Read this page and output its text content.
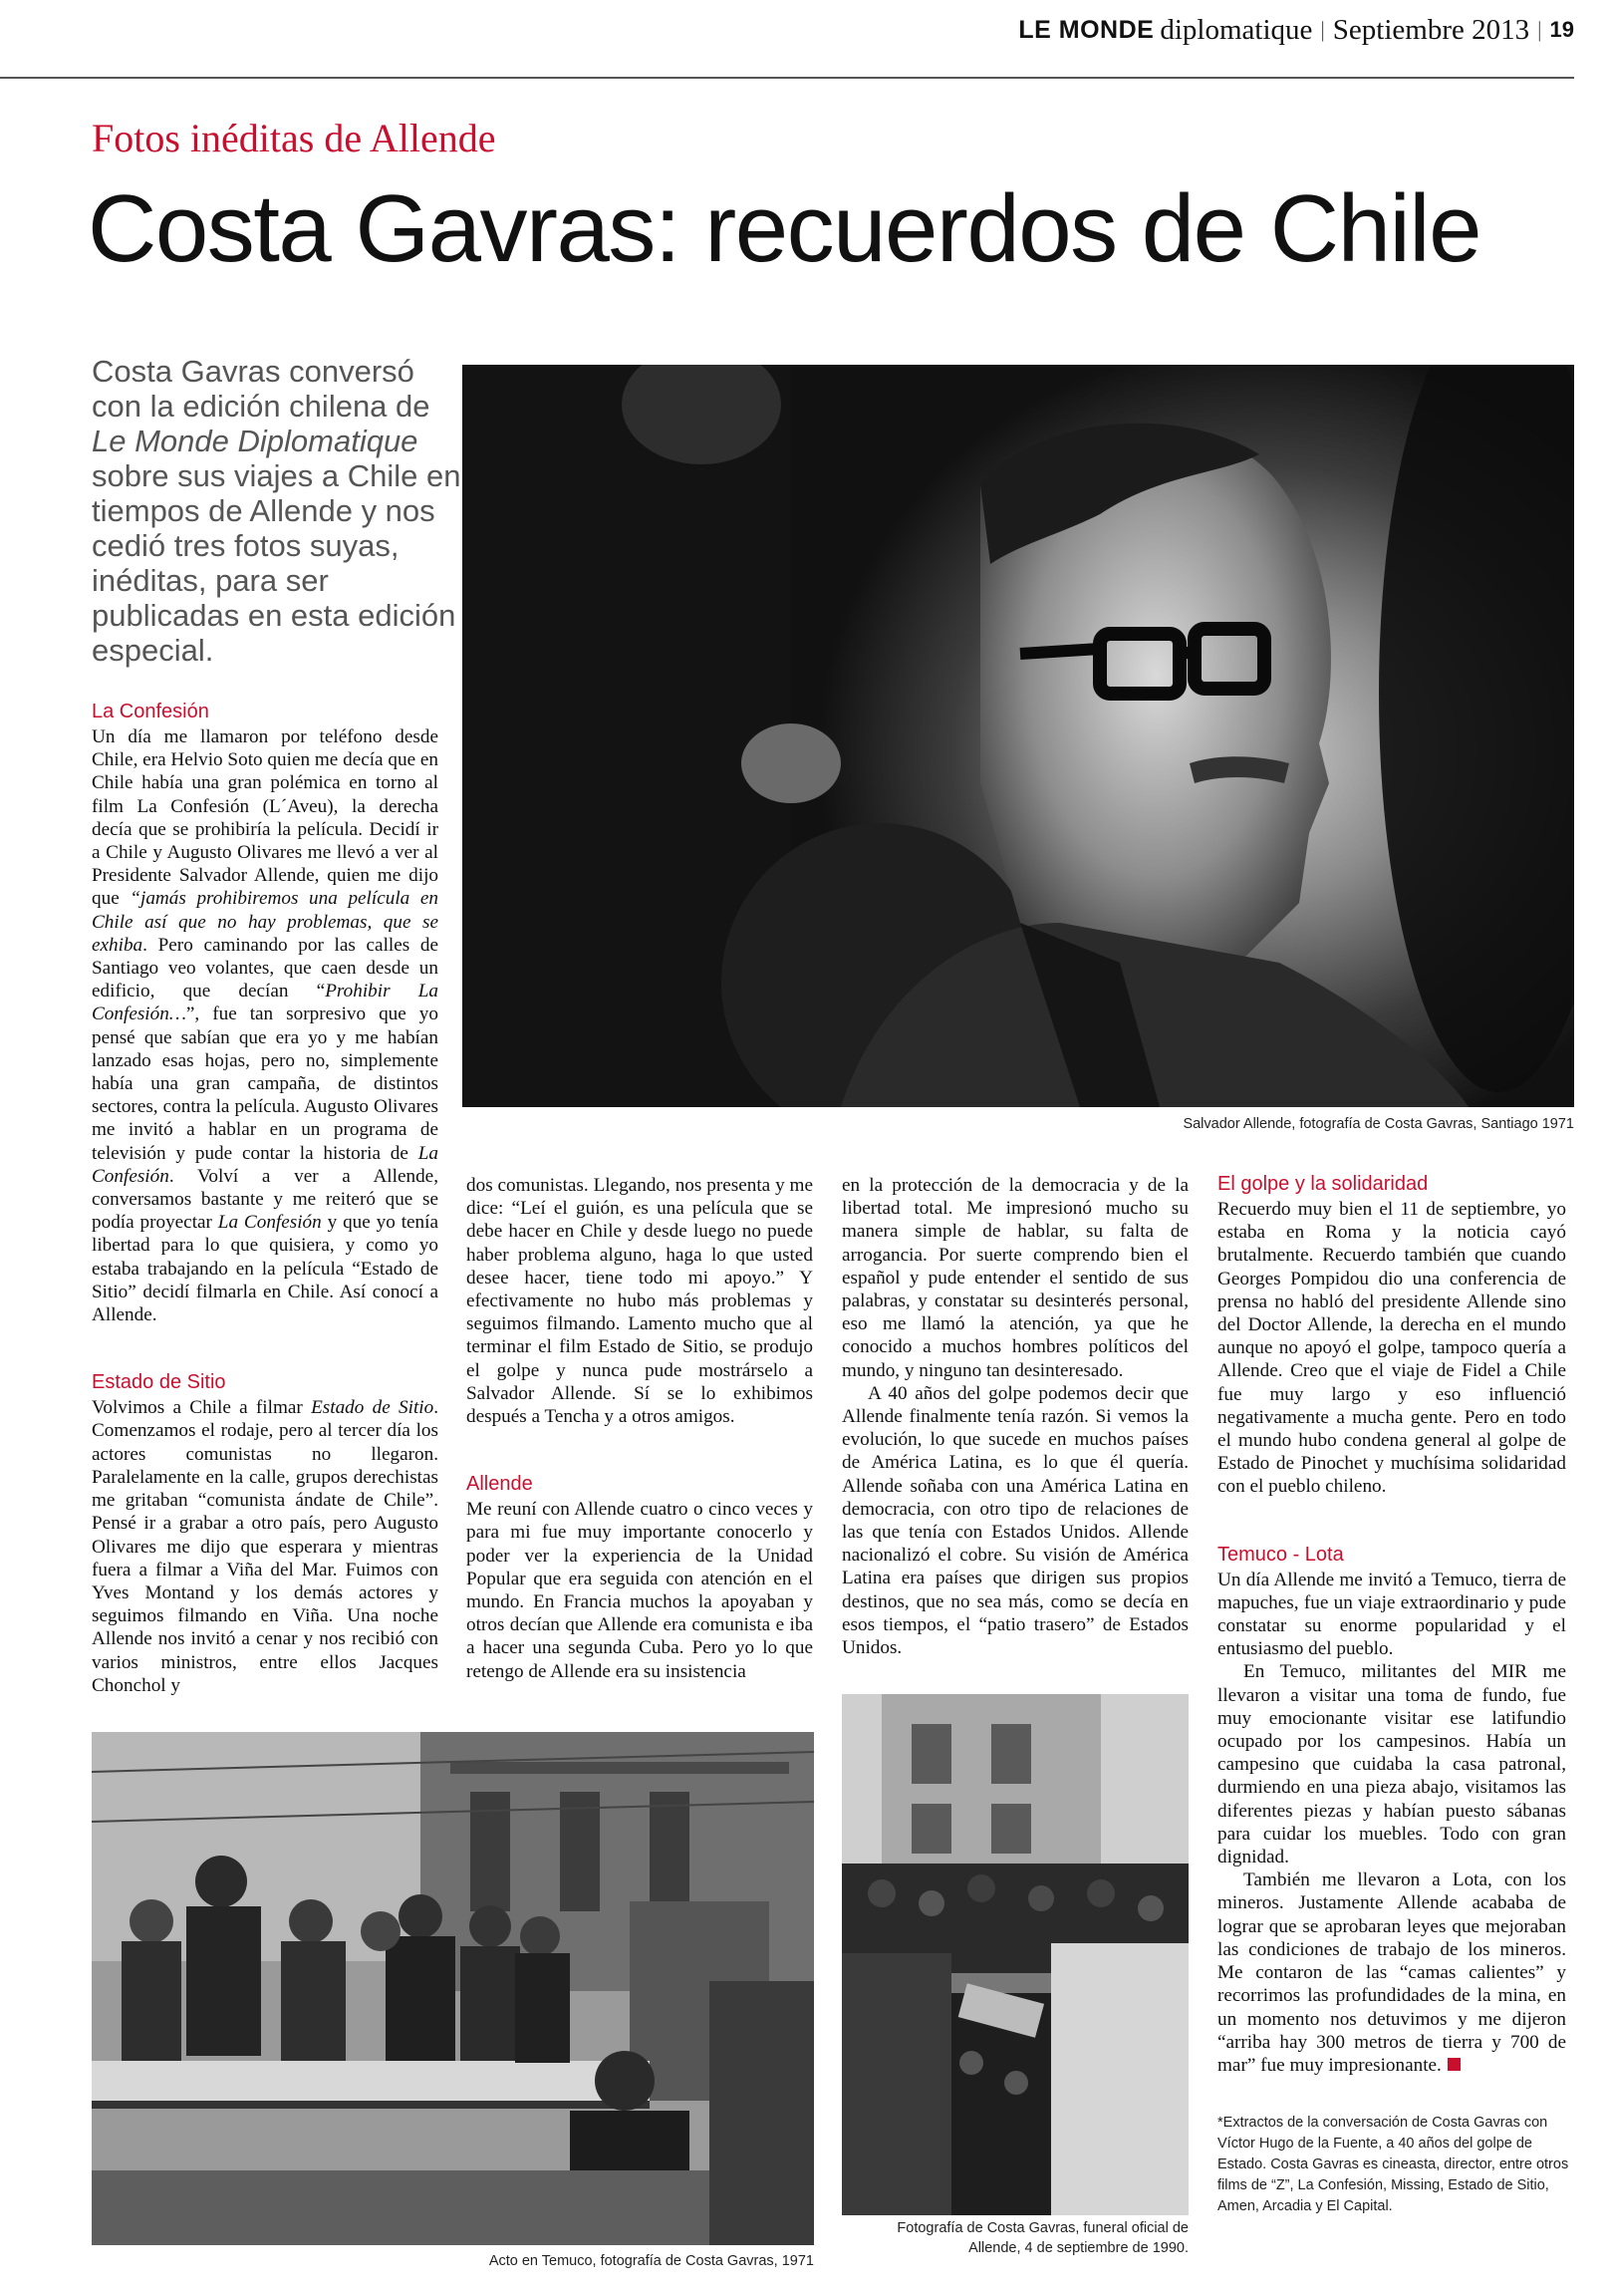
LE MONDE diplomatique | Septiembre 2013 | 19
Fotos inéditas de Allende
Costa Gavras: recuerdos de Chile
Costa Gavras conversó con la edición chilena de Le Monde Diplomatique sobre sus viajes a Chile en tiempos de Allende y nos cedió tres fotos suyas, inéditas, para ser publicadas en esta edición especial.
Salvador Allende, fotografía de Costa Gavras, Santiago 1971
La Confesión

Un día me llamaron por teléfono desde Chile, era Helvio Soto quien me decía que en Chile había una gran polémica en torno al film La Confesión (L´Aveu), la derecha decía que se prohibiría la película. Decidí ir a Chile y Augusto Olivares me llevó a ver al Presidente Salvador Allende, quien me dijo que “jamás prohibiremos una película en Chile así que no hay problemas, que se exhiba. Pero caminando por las calles de Santiago veo volantes, que caen desde un edificio, que decían “Prohibir La Confesión…”, fue tan sorpresivo que yo pensé que sabían que era yo y me habían lanzado esas hojas, pero no, simplemente había una gran campaña, de distintos sectores, contra la película. Augusto Olivares me invitó a hablar en un programa de televisión y pude contar la historia de La Confesión. Volví a ver a Allende, conversamos bastante y me reiteró que se podía proyectar La Confesión y que yo tenía libertad para lo que quisiera, y como yo estaba trabajando en la película “Estado de Sitio” decidí filmarla en Chile. Así conocí a Allende.

Estado de Sitio

Volvimos a Chile a filmar Estado de Sitio. Comenzamos el rodaje, pero al tercer día los actores comunistas no llegaron. Paralelamente en la calle, grupos derechistas me gritaban “comunista ándate de Chile”. Pensé ir a grabar a otro país, pero Augusto Olivares me dijo que esperara y mientras fuera a filmar a Viña del Mar. Fuimos con Yves Montand y los demás actores y seguimos filmando en Viña. Una noche Allende nos invitó a cenar y nos recibió con varios ministros, entre ellos Jacques Chonchol y

dos comunistas. Llegando, nos presenta y me dice: “Leí el guión, es una película que se debe hacer en Chile y desde luego no puede haber problema alguno, haga lo que usted desee hacer, tiene todo mi apoyo.” Y efectivamente no hubo más problemas y seguimos filmando. Lamento mucho que al terminar el film Estado de Sitio, se produjo el golpe y nunca pude mostrárselo a Salvador Allende. Sí se lo exhibimos después a Tencha y a otros amigos.

Allende

Me reuní con Allende cuatro o cinco veces y para mi fue muy importante conocerlo y poder ver la experiencia de la Unidad Popular que era seguida con atención en el mundo. En Francia muchos la apoyaban y otros decían que Allende era comunista e iba a hacer una segunda Cuba. Pero yo lo que retengo de Allende era su insistencia

en la protección de la democracia y de la libertad total. Me impresionó mucho su manera simple de hablar, su falta de arrogancia. Por suerte comprendo bien el español y pude entender el sentido de sus palabras, y constatar su desinterés personal, eso me llamó la atención, ya que he conocido a muchos hombres políticos del mundo, y ninguno tan desinteresado.

A 40 años del golpe podemos decir que Allende finalmente tenía razón. Si vemos la evolución, lo que sucede en muchos países de América Latina, es lo que él quería. Allende soñaba con una América Latina en democracia, con otro tipo de relaciones de las que tenía con Estados Unidos. Allende nacionalizó el cobre. Su visión de América Latina era países que dirigen sus propios destinos, que no sea más, como se decía en esos tiempos, el “patio trasero” de Estados Unidos.

El golpe y la solidaridad

Recuerdo muy bien el 11 de septiembre, yo estaba en Roma y la noticia cayó brutalmente. Recuerdo también que cuando Georges Pompidou dio una conferencia de prensa no habló del presidente Allende sino del Doctor Allende, la derecha en el mundo aunque no apoyó el golpe, tampoco quería a Allende. Creo que el viaje de Fidel a Chile fue muy largo y eso influenció negativamente a mucha gente. Pero en todo el mundo hubo condena general al golpe de Estado de Pinochet y muchísima solidaridad con el pueblo chileno.

Temuco - Lota

Un día Allende me invitó a Temuco, tierra de mapuches, fue un viaje extraordinario y pude constatar su enorme popularidad y el entusiasmo del pueblo.

En Temuco, militantes del MIR me llevaron a visitar una toma de fundo, fue muy emocionante visitar ese latifundio ocupado por los campesinos. Había un campesino que cuidaba la casa patronal, durmiendo en una pieza abajo, visitamos las diferentes piezas y habían puesto sábanas para cuidar los muebles. Todo con gran dignidad.

También me llevaron a Lota, con los mineros. Justamente Allende acababa de lograr que se aprobaran leyes que mejoraban las condiciones de trabajo de los mineros. Me contaron de las “camas calientes” y recorrimos las profundidades de la mina, en un momento nos detuvimos y me dijeron “arriba hay 300 metros de tierra y 700 de mar” fue muy impresionante.

Acto en Temuco, fotografía de Costa Gavras, 1971
Fotografía de Costa Gavras, funeral oficial de Allende, 4 de septiembre de 1990.
*Extractos de la conversación de Costa Gavras con Víctor Hugo de la Fuente, a 40 años del golpe de Estado. Costa Gavras es cineasta, director, entre otros films de “Z”, La Confesión, Missing, Estado de Sitio, Amen, Arcadia y El Capital.
